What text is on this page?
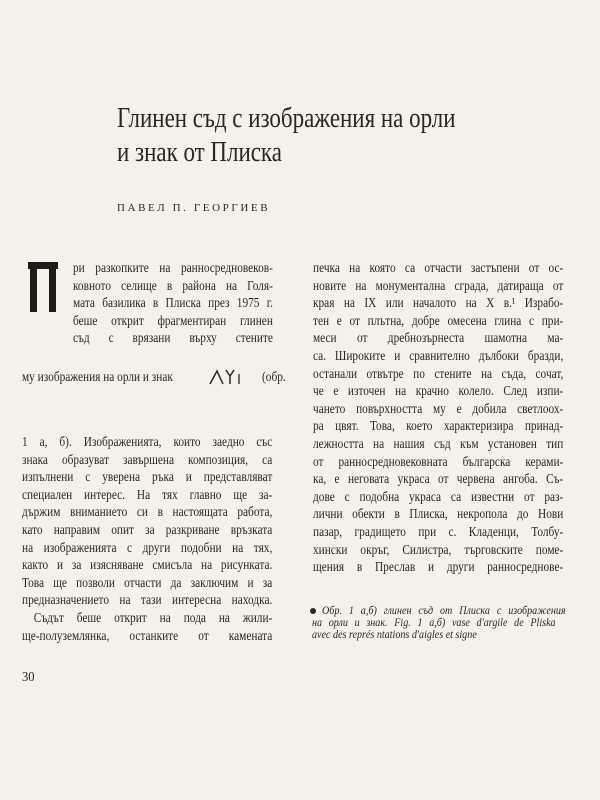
Глинен съд с изображения на орли
и знак от Плиска
ПАВЕЛ П. ГЕОРГИЕВ
ри разкопките на ранносредновеков-
ковното селище в района на Голя-
мата базилика в Плиска през 1975 г.
беше открит фрагментиран глинен
съд с врязани върху стените
му изображения на орли и знак	(обр.
1 а, б). Изображенията, които заедно със
знака образуват завършена композиция, са
изпълнени с уверена ръка и представляват
специален интерес. На тях главно ще за-
държим вниманието си в настоящата работа,
като направим опит за разкриване връзката
на изображенията с други подобни на тях,
както и за изясняване смисъла на рисунката.
Това ще позволи отчасти да заключим и за
предназначението на тази интересна находка.
Съдът беше открит на пода на жили-
ще-полуземлянка, останките от камената
печка на която са отчасти застъпени от ос-
новите на монументална сграда, датираща от
края на IX или началото на X в.¹ Израбо-
тен е от плътна, добре омесена глина с при-
меси от дребнозърнеста шамотна ма-
са. Широките и сравнително дълбоки бразди,
останали отвътре по стените на съда, сочат,
че е източен на крачно колело. След изпи-
чането повърхността му е добила светлоох-
ра цвят. Това, което характеризира принад-
лежността на нашия съд към установен тип
от ранносредновековната българска керами-
ка, е неговата украса от червена ангоба. Съ-
дове с подобна украса са известни от раз-
лични обекти в Плиска, некропола до Нови
пазар, градището при с. Кладенци, Толбу-
хински окръг, Силистра, търговските поме-
щения в Преслав и други ранносредновe-
Обр. 1 а,б) глинен съд от Плиска с изображения
на орли и знак. Fig. 1 a,б) vase d'argile de Pliska
avec des représ ntations d'aigles et signe
30
